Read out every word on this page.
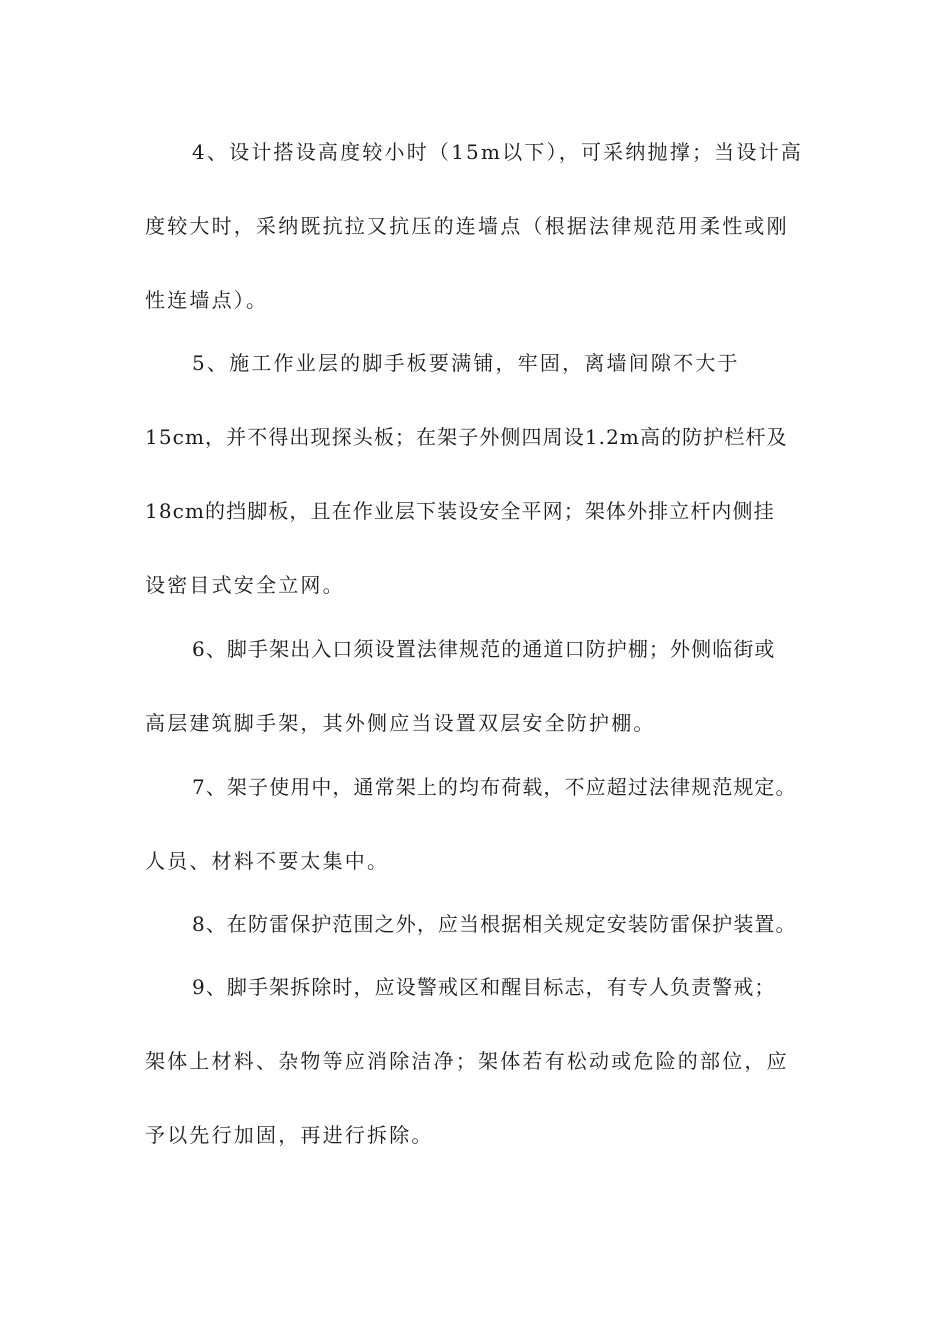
4、设计搭设高度较小时（15m以下），可采纳抛撑；当设计高
度较大时，采纳既抗拉又抗压的连墙点（根据法律规范用柔性或刚
性连墙点）。
5、施工作业层的脚手板要满铺，牢固，离墙间隙不大于
15cm，并不得出现探头板；在架子外侧四周设1.2m高的防护栏杆及
18cm的挡脚板，且在作业层下装设安全平网；架体外排立杆内侧挂
设密目式安全立网。
6、脚手架出入口须设置法律规范的通道口防护棚；外侧临街或
高层建筑脚手架，其外侧应当设置双层安全防护棚。
7、架子使用中，通常架上的均布荷载，不应超过法律规范规定。
人员、材料不要太集中。
8、在防雷保护范围之外，应当根据相关规定安装防雷保护装置。
9、脚手架拆除时，应设警戒区和醒目标志，有专人负责警戒；
架体上材料、杂物等应消除洁净；架体若有松动或危险的部位，应
予以先行加固，再进行拆除。
